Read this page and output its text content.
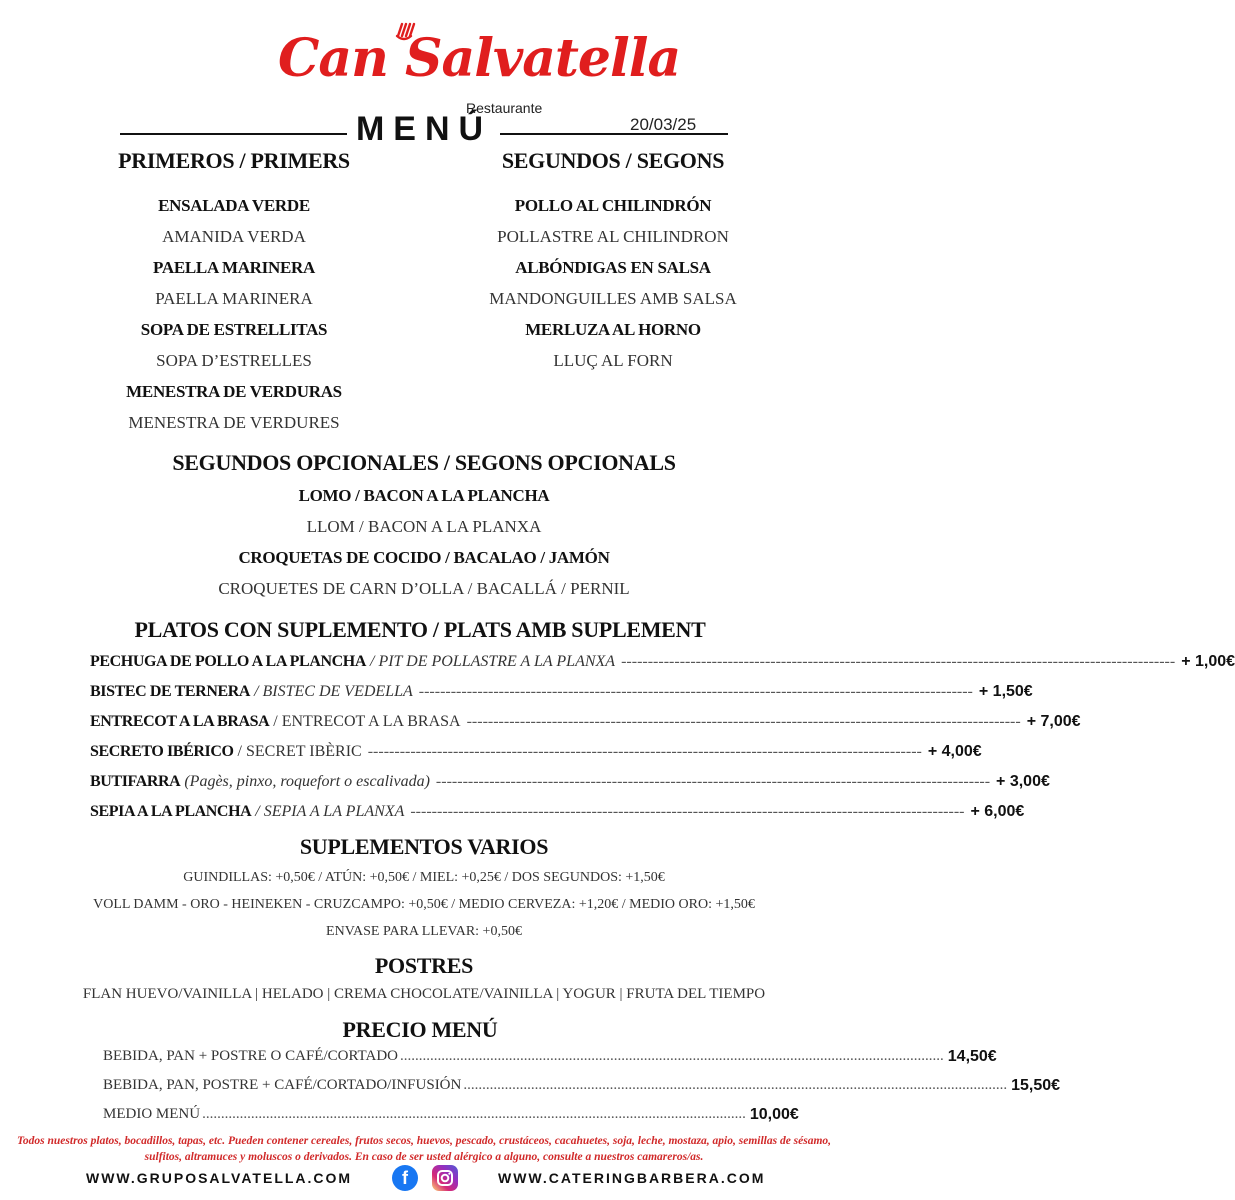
Can Salvatella
Restaurante
MENÚ	20/03/25
PRIMEROS / PRIMERS
ENSALADA VERDE
AMANIDA VERDA
PAELLA MARINERA
PAELLA MARINERA
SOPA DE ESTRELLITAS
SOPA D’ESTRELLES
MENESTRA DE VERDURAS
MENESTRA DE VERDURES
SEGUNDOS / SEGONS
POLLO AL CHILINDRÓN
POLLASTRE AL CHILINDRON
ALBÓNDIGAS EN SALSA
MANDONGUILLES AMB SALSA
MERLUZA AL HORNO
LLUÇ AL FORN
SEGUNDOS OPCIONALES / SEGONS OPCIONALS
LOMO / BACON A LA PLANCHA
LLOM / BACON A LA PLANXA
CROQUETAS DE COCIDO / BACALAO / JAMÓN
CROQUETES DE CARN D’OLLA / BACALLÁ / PERNIL
PLATOS CON SUPLEMENTO / PLATS AMB SUPLEMENT
PECHUGA DE POLLO A LA PLANCHA / PIT DE POLLASTRE A LA PLANXA -------------------------------------------------------------------------------------------------------- + 1,00€
BISTEC DE TERNERA / BISTEC DE VEDELLA -------------------------------------------------------------------------------------------------------- + 1,50€
ENTRECOT A LA BRASA / ENTRECOT A LA BRASA -------------------------------------------------------------------------------------------------------- + 7,00€
SECRETO IBÉRICO / SECRET IBÈRIC -------------------------------------------------------------------------------------------------------- + 4,00€
BUTIFARRA (Pagès, pinxo, roquefort o escalivada) -------------------------------------------------------------------------------------------------------- + 3,00€
SEPIA A LA PLANCHA / SEPIA A LA PLANXA -------------------------------------------------------------------------------------------------------- + 6,00€
SUPLEMENTOS VARIOS
GUINDILLAS: +0,50€ / ATÚN: +0,50€ / MIEL: +0,25€ / DOS SEGUNDOS: +1,50€
VOLL DAMM - ORO - HEINEKEN - CRUZCAMPO: +0,50€ / MEDIO CERVEZA: +1,20€ / MEDIO ORO: +1,50€
ENVASE PARA LLEVAR: +0,50€
POSTRES
FLAN HUEVO/VAINILLA | HELADO | CREMA CHOCOLATE/VAINILLA | YOGUR | FRUTA DEL TIEMPO
PRECIO MENÚ
BEBIDA, PAN + POSTRE O CAFÉ/CORTADO ................................................................................................................................................. 14,50€
BEBIDA, PAN, POSTRE + CAFÉ/CORTADO/INFUSIÓN ................................................................................................................................................. 15,50€
MEDIO MENÚ ................................................................................................................................................. 10,00€
Todos nuestros platos, bocadillos, tapas, etc. Pueden contener cereales, frutos secos, huevos, pescado, crustáceos, cacahuetes, soja, leche, mostaza, apio, semillas de sésamo, sulfitos, altramuces y moluscos o derivados. En caso de ser usted alérgico a alguno, consulte a nuestros camareros/as.
WWW.GRUPOSALVATELLA.COM	f	WWW.CATERINGBARBERA.COM
